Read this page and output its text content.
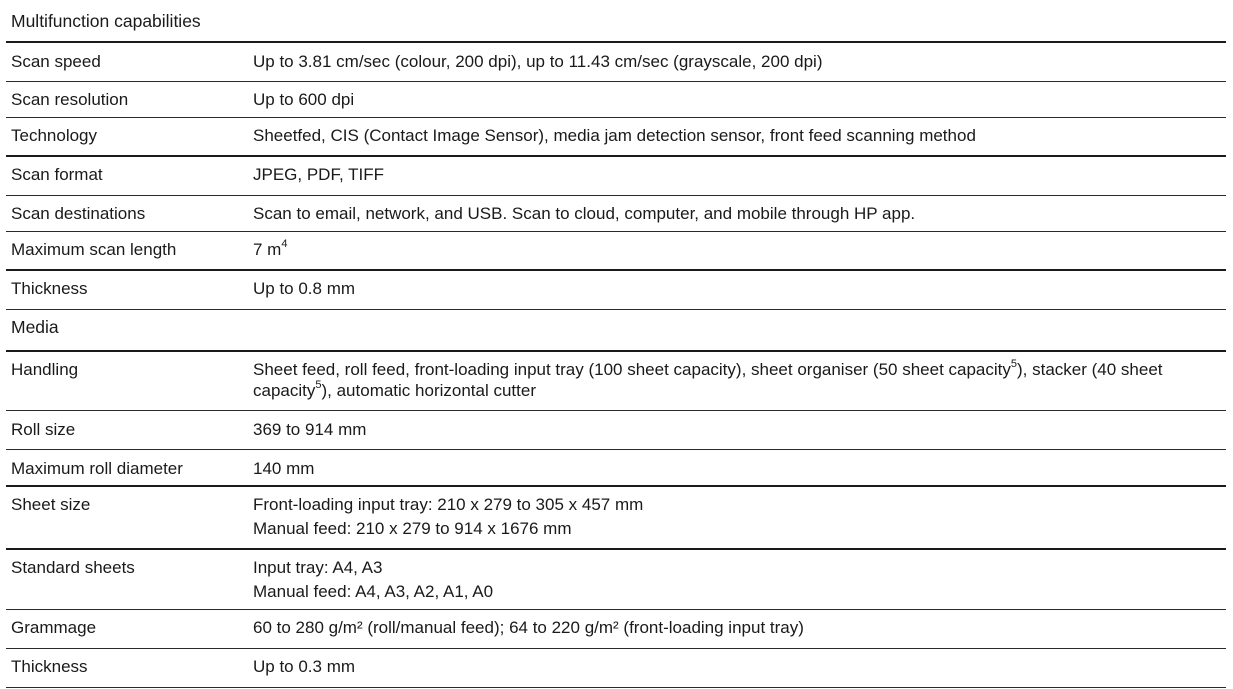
Multifunction capabilities
Scan speed	Up to 3.81 cm/sec (colour, 200 dpi), up to 11.43 cm/sec (grayscale, 200 dpi)
Scan resolution	Up to 600 dpi
Technology	Sheetfed, CIS (Contact Image Sensor), media jam detection sensor, front feed scanning method
Scan format	JPEG, PDF, TIFF
Scan destinations	Scan to email, network, and USB. Scan to cloud, computer, and mobile through HP app.
Maximum scan length	7 $m^4$
Thickness	Up to 0.8 mm
Media
Handling	Sheet feed, roll feed, front-loading input tray (100 sheet capacity), sheet organiser (50 sheet capacity$^5$), stacker (40 sheet
capacity$^5$), automatic horizontal cutter
Roll size	369 to 914 mm
Maximum roll diameter	140 mm
Sheet size	Front-loading input tray: 210 x 279 to 305 x 457 mm
Manual feed: 210 x 279 to 914 x 1676 mm
Standard sheets	Input tray: A4, A3
Manual feed: A4, A3, A2, A1, A0
Grammage	60 to 280 g/m² (roll/manual feed); 64 to 220 g/m² (front-loading input tray)
Thickness	Up to 0.3 mm
